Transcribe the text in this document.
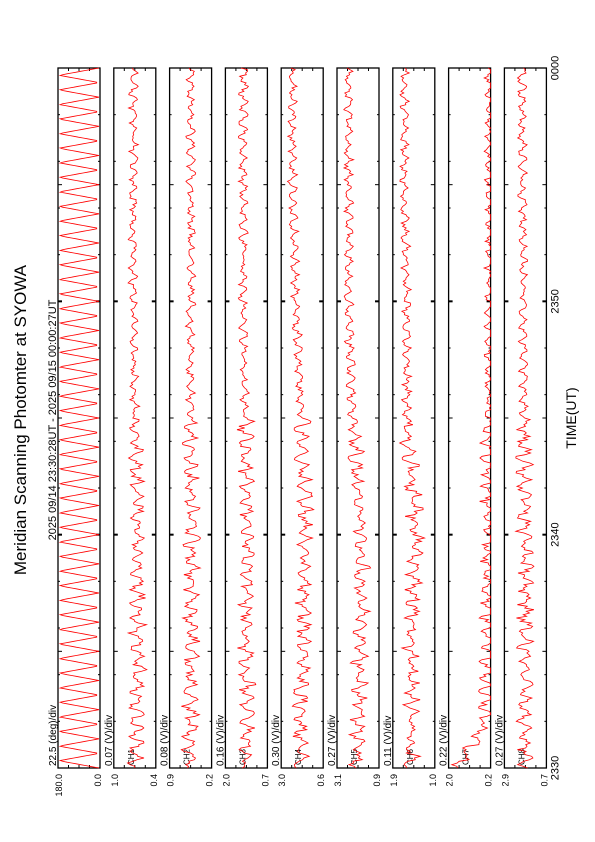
Meridian Scanning Photomter at SYOWA 2025 09/14 23:30:28UT - 2025 09/15 00:00:27UT	TIME(UT)
180.0	0.0
22.5 (deg)/div
1.0	0.4
CH1
0.07 (V)/div
0.9	0.2
CH2
0.08 (V)/div
2.0	0.7
CH3
0.16 (V)/div
3.0	0.6
CH4
0.30 (V)/div
3.1	0.9
CH5
0.27 (V)/div
1.9	1.0
CH6
0.11 (V)/div
2.0	0.2
CH7
0.22 (V)/div
2.9	0.7
CH8
0.27 (V)/div
2330
2340
2350
0000
